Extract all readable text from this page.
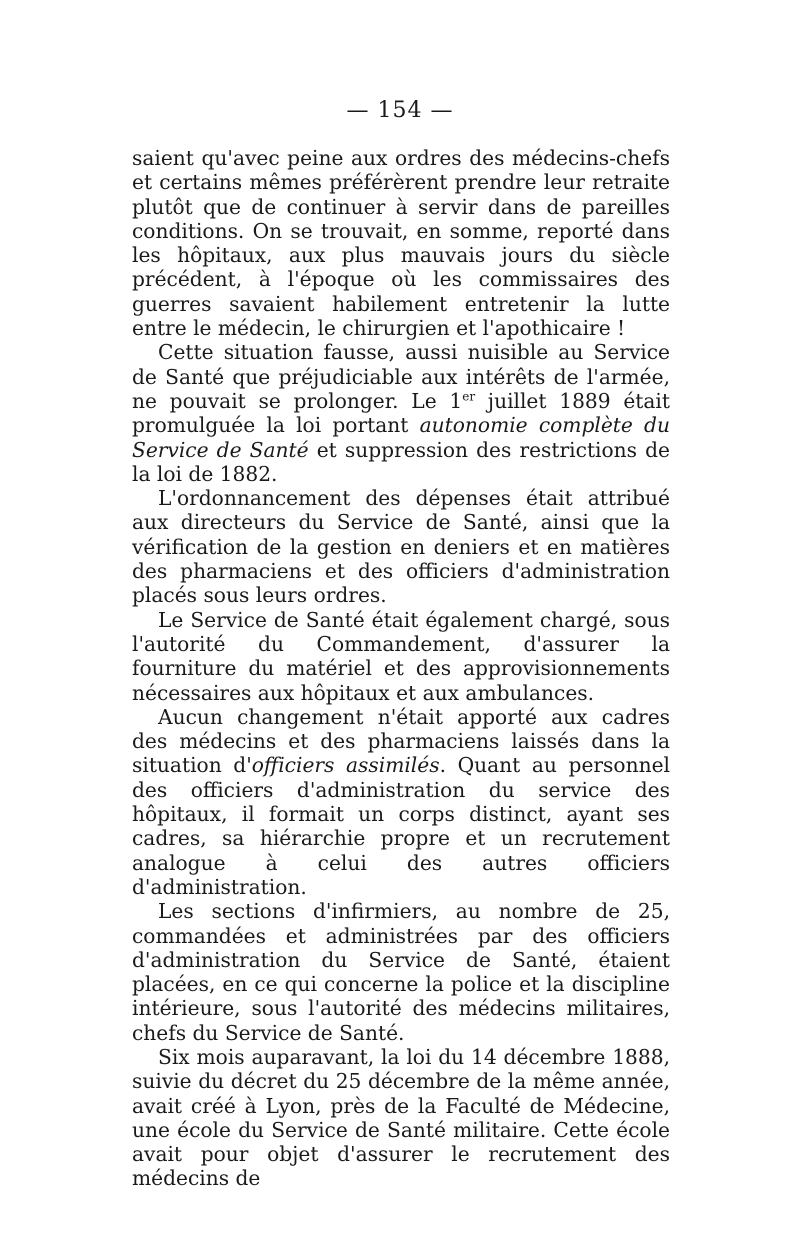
— 154 —

saient qu'avec peine aux ordres des médecins-chefs et certains mêmes préférèrent prendre leur retraite plutôt que de continuer à servir dans de pareilles conditions. On se trouvait, en somme, reporté dans les hôpitaux, aux plus mauvais jours du siècle précédent, à l'époque où les commissaires des guerres savaient habilement entretenir la lutte entre le médecin, le chirurgien et l'apothicaire !

Cette situation fausse, aussi nuisible au Service de Santé que préjudiciable aux intérêts de l'armée, ne pouvait se prolonger. Le 1er juillet 1889 était promulguée la loi portant autonomie complète du Service de Santé et suppression des restrictions de la loi de 1882.

L'ordonnancement des dépenses était attribué aux directeurs du Service de Santé, ainsi que la vérification de la gestion en deniers et en matières des pharmaciens et des officiers d'administration placés sous leurs ordres.

Le Service de Santé était également chargé, sous l'autorité du Commandement, d'assurer la fourniture du matériel et des approvisionnements nécessaires aux hôpitaux et aux ambulances.

Aucun changement n'était apporté aux cadres des médecins et des pharmaciens laissés dans la situation d'officiers assimilés. Quant au personnel des officiers d'administration du service des hôpitaux, il formait un corps distinct, ayant ses cadres, sa hiérarchie propre et un recrutement analogue à celui des autres officiers d'administration.

Les sections d'infirmiers, au nombre de 25, commandées et administrées par des officiers d'administration du Service de Santé, étaient placées, en ce qui concerne la police et la discipline intérieure, sous l'autorité des médecins militaires, chefs du Service de Santé.

Six mois auparavant, la loi du 14 décembre 1888, suivie du décret du 25 décembre de la même année, avait créé à Lyon, près de la Faculté de Médecine, une école du Service de Santé militaire. Cette école avait pour objet d'assurer le recrutement des médecins de
